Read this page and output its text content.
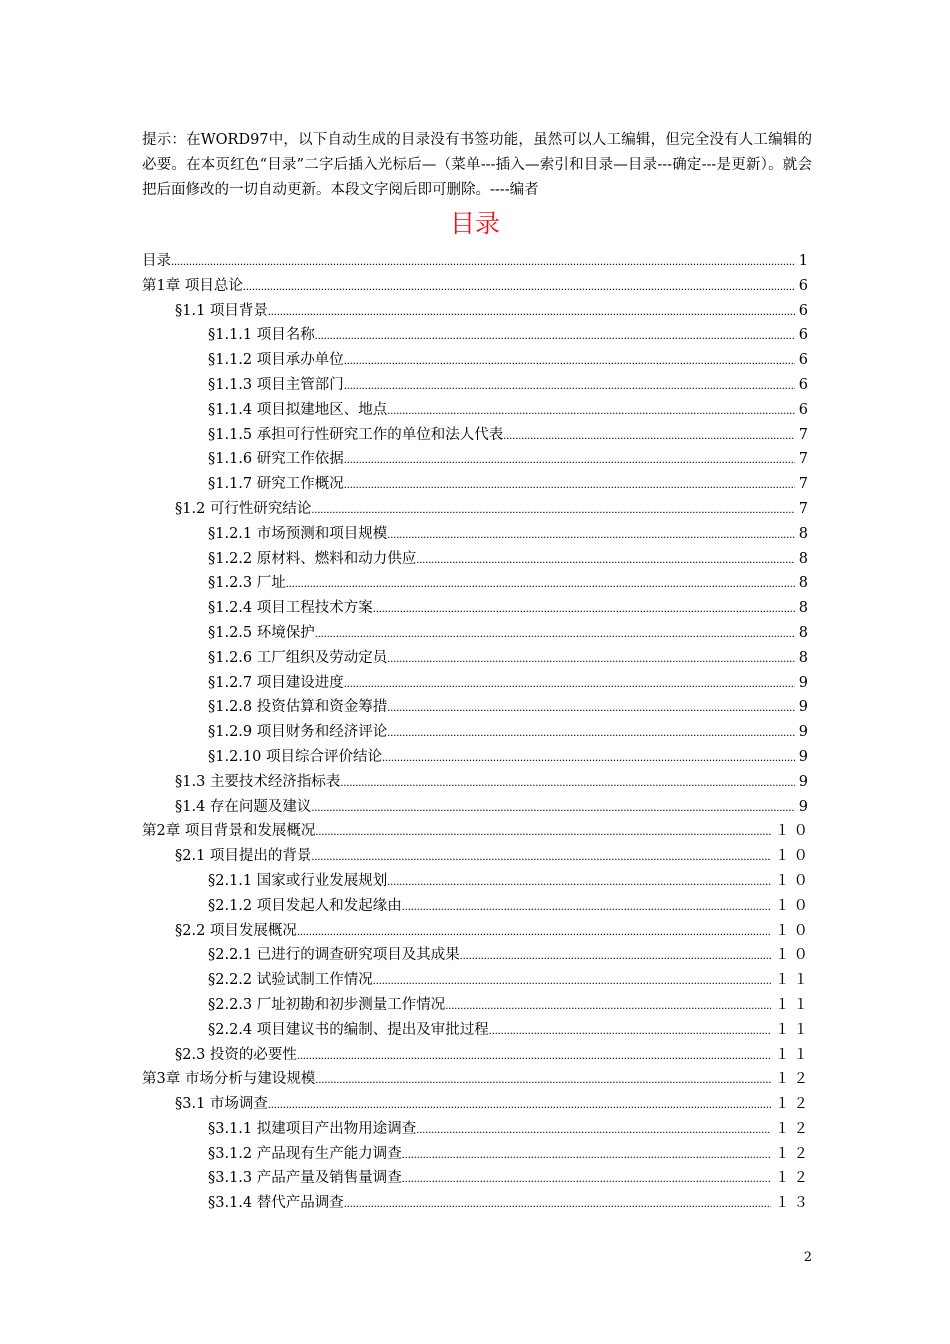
提示：在WORD97中，以下自动生成的目录没有书签功能，虽然可以人工编辑，但完全没有人工编辑的必要。在本页红色“目录”二字后插入光标后—（菜单---插入—索引和目录—目录---确定---是更新）。就会把后面修改的一切自动更新。本段文字阅后即可删除。----编者

目录
目录 .....	1
第1章 项目总论 .....	6
§1.1 项目背景 .....	6
§1.1.1 项目名称 .....	6
§1.1.2 项目承办单位 .....	6
§1.1.3 项目主管部门 .....	6
§1.1.4 项目拟建地区、地点 .....	6
§1.1.5 承担可行性研究工作的单位和法人代表 .....	7
§1.1.6 研究工作依据 .....	7
§1.1.7 研究工作概况 .....	7
§1.2 可行性研究结论 .....	7
§1.2.1 市场预测和项目规模 .....	8
§1.2.2 原材料、燃料和动力供应 .....	8
§1.2.3 厂址 .....	8
§1.2.4 项目工程技术方案 .....	8
§1.2.5 环境保护 .....	8
§1.2.6 工厂组织及劳动定员 .....	8
§1.2.7 项目建设进度 .....	9
§1.2.8 投资估算和资金筹措 .....	9
§1.2.9 项目财务和经济评论 .....	9
§1.2.10 项目综合评价结论 .....	9
§1.3 主要技术经济指标表 .....	9
§1.4 存在问题及建议 .....	9
第2章 项目背景和发展概况 .....	１０
§2.1 项目提出的背景 .....	１０
§2.1.1 国家或行业发展规划 .....	１０
§2.1.2 项目发起人和发起缘由 .....	１０
§2.2 项目发展概况 .....	１０
§2.2.1 已进行的调查研究项目及其成果 .....	１０
§2.2.2 试验试制工作情况 .....	１１
§2.2.3 厂址初勘和初步测量工作情况 .....	１１
§2.2.4 项目建议书的编制、提出及审批过程 .....	１１
§2.3 投资的必要性 .....	１１
第3章 市场分析与建设规模 .....	１２
§3.1 市场调查 .....	１２
§3.1.1 拟建项目产出物用途调查 .....	１２
§3.1.2 产品现有生产能力调查 .....	１２
§3.1.3 产品产量及销售量调查 .....	１２
§3.1.4 替代产品调查 .....	１３
2
